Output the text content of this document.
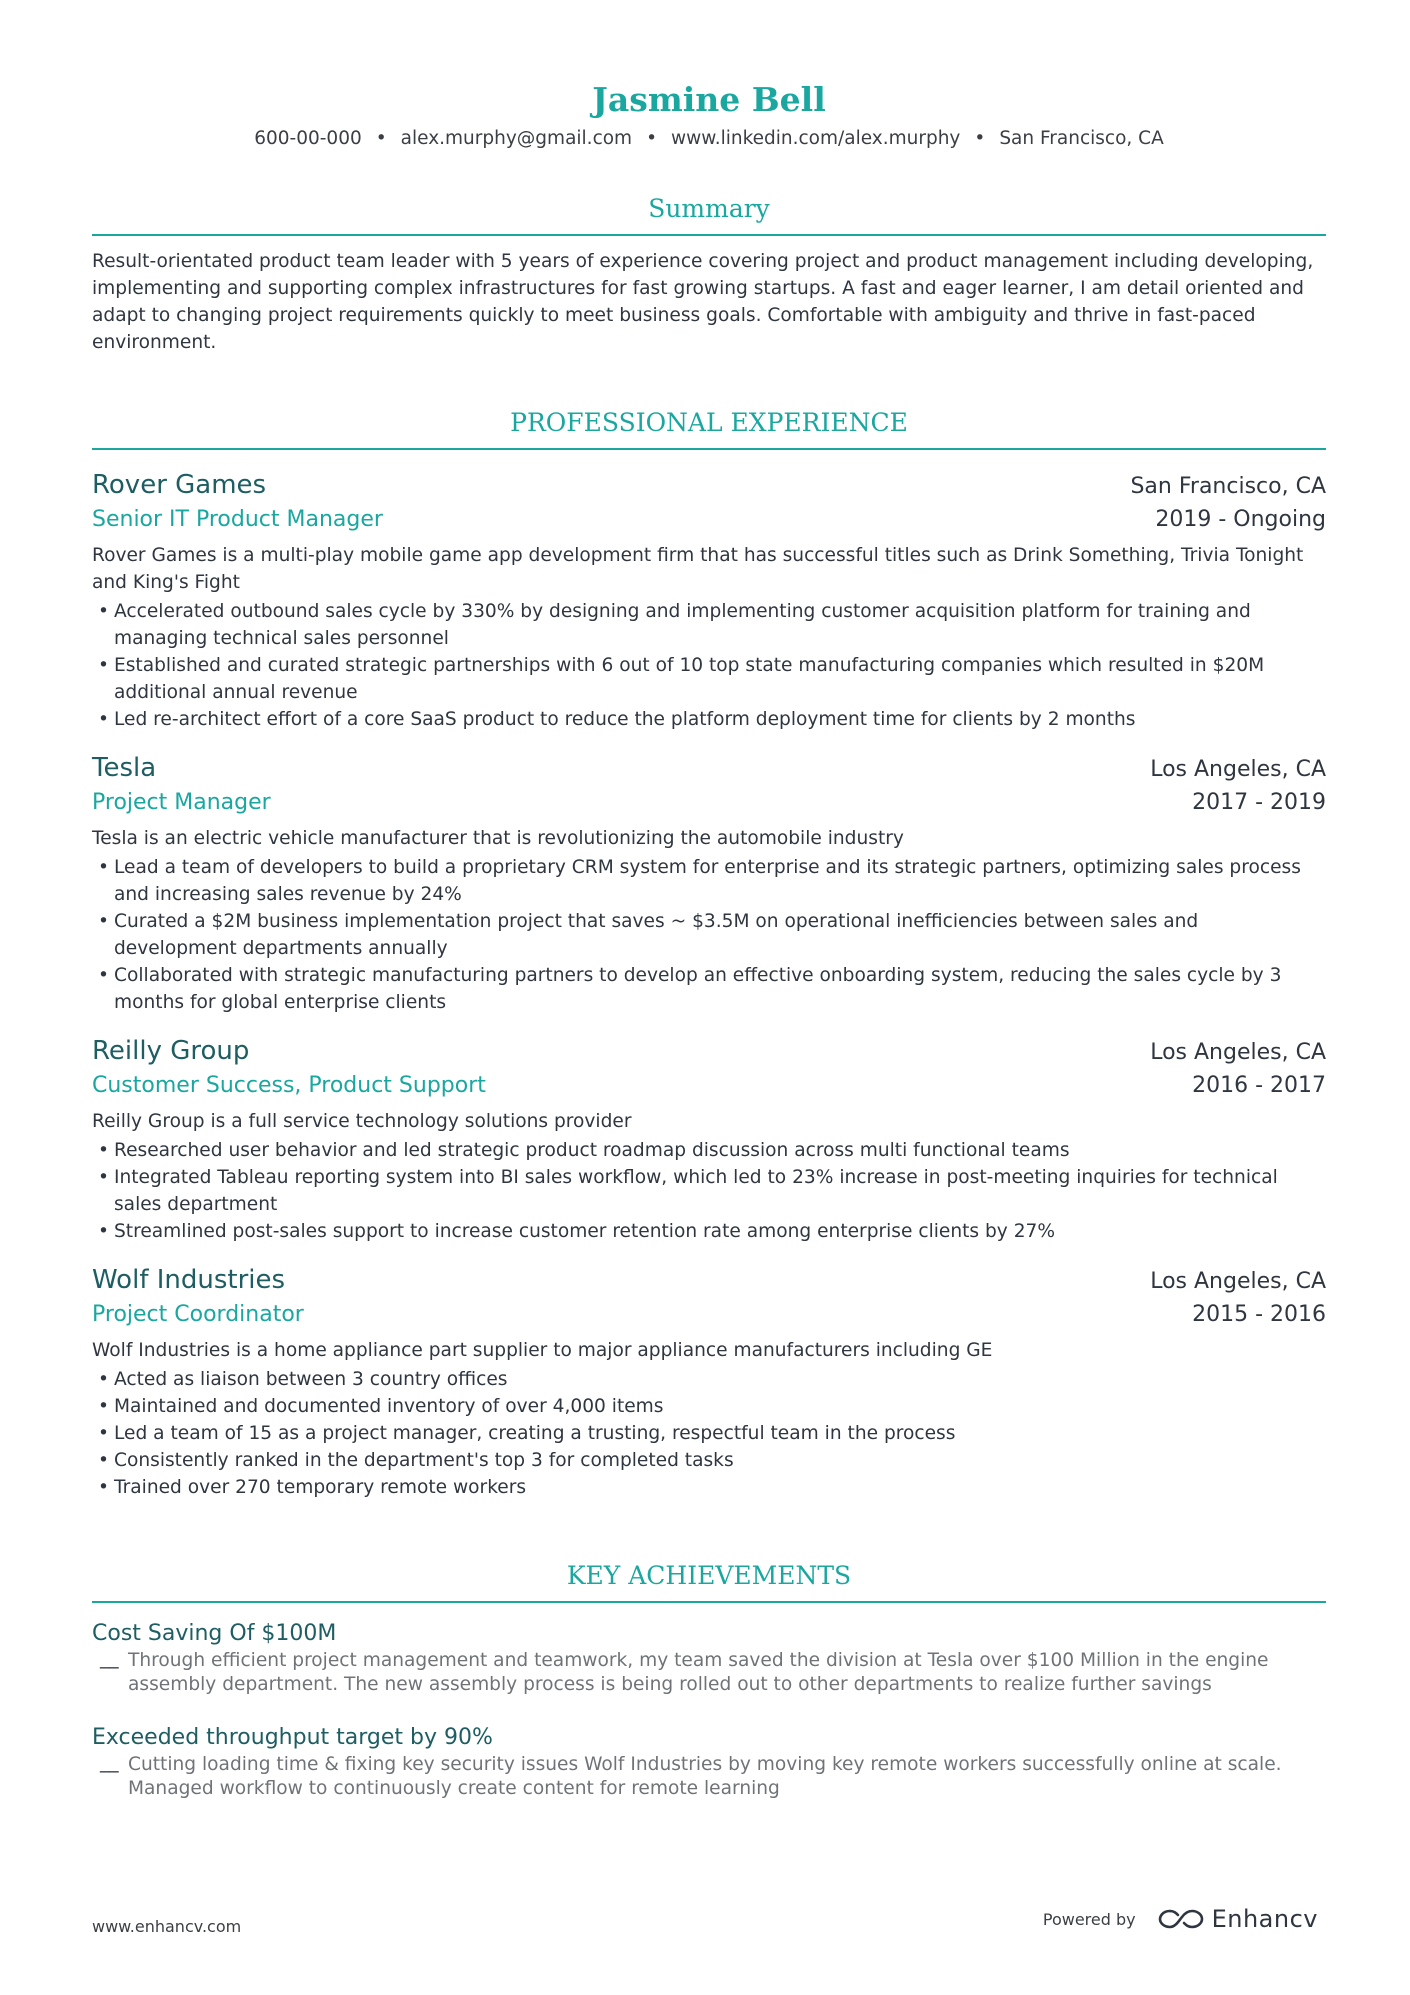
Jasmine Bell
600-00-000 • alex.murphy@gmail.com • www.linkedin.com/alex.murphy • San Francisco, CA
Summary
Result-orientated product team leader with 5 years of experience covering project and product management including developing, implementing and supporting complex infrastructures for fast growing startups. A fast and eager learner, I am detail oriented and adapt to changing project requirements quickly to meet business goals. Comfortable with ambiguity and thrive in fast-paced environment.
PROFESSIONAL EXPERIENCE
Rover Games	San Francisco, CA
Senior IT Product Manager	2019 - Ongoing
Rover Games is a multi-play mobile game app development firm that has successful titles such as Drink Something, Trivia Tonight and King's Fight
• Accelerated outbound sales cycle by 330% by designing and implementing customer acquisition platform for training and managing technical sales personnel
• Established and curated strategic partnerships with 6 out of 10 top state manufacturing companies which resulted in $20M additional annual revenue
• Led re-architect effort of a core SaaS product to reduce the platform deployment time for clients by 2 months
Tesla	Los Angeles, CA
Project Manager	2017 - 2019
Tesla is an electric vehicle manufacturer that is revolutionizing the automobile industry
• Lead a team of developers to build a proprietary CRM system for enterprise and its strategic partners, optimizing sales process and increasing sales revenue by 24%
• Curated a $2M business implementation project that saves ~ $3.5M on operational inefficiencies between sales and development departments annually
• Collaborated with strategic manufacturing partners to develop an effective onboarding system, reducing the sales cycle by 3 months for global enterprise clients
Reilly Group	Los Angeles, CA
Customer Success, Product Support	2016 - 2017
Reilly Group is a full service technology solutions provider
• Researched user behavior and led strategic product roadmap discussion across multi functional teams
• Integrated Tableau reporting system into BI sales workflow, which led to 23% increase in post-meeting inquiries for technical sales department
• Streamlined post-sales support to increase customer retention rate among enterprise clients by 27%
Wolf Industries	Los Angeles, CA
Project Coordinator	2015 - 2016
Wolf Industries is a home appliance part supplier to major appliance manufacturers including GE
• Acted as liaison between 3 country offices
• Maintained and documented inventory of over 4,000 items
• Led a team of 15 as a project manager, creating a trusting, respectful team in the process
• Consistently ranked in the department's top 3 for completed tasks
• Trained over 270 temporary remote workers
KEY ACHIEVEMENTS
Cost Saving Of $100M
__ Through efficient project management and teamwork, my team saved the division at Tesla over $100 Million in the engine assembly department. The new assembly process is being rolled out to other departments to realize further savings
Exceeded throughput target by 90%
__ Cutting loading time & fixing key security issues Wolf Industries by moving key remote workers successfully online at scale. Managed workflow to continuously create content for remote learning
www.enhancv.com	Powered by	Enhancv
